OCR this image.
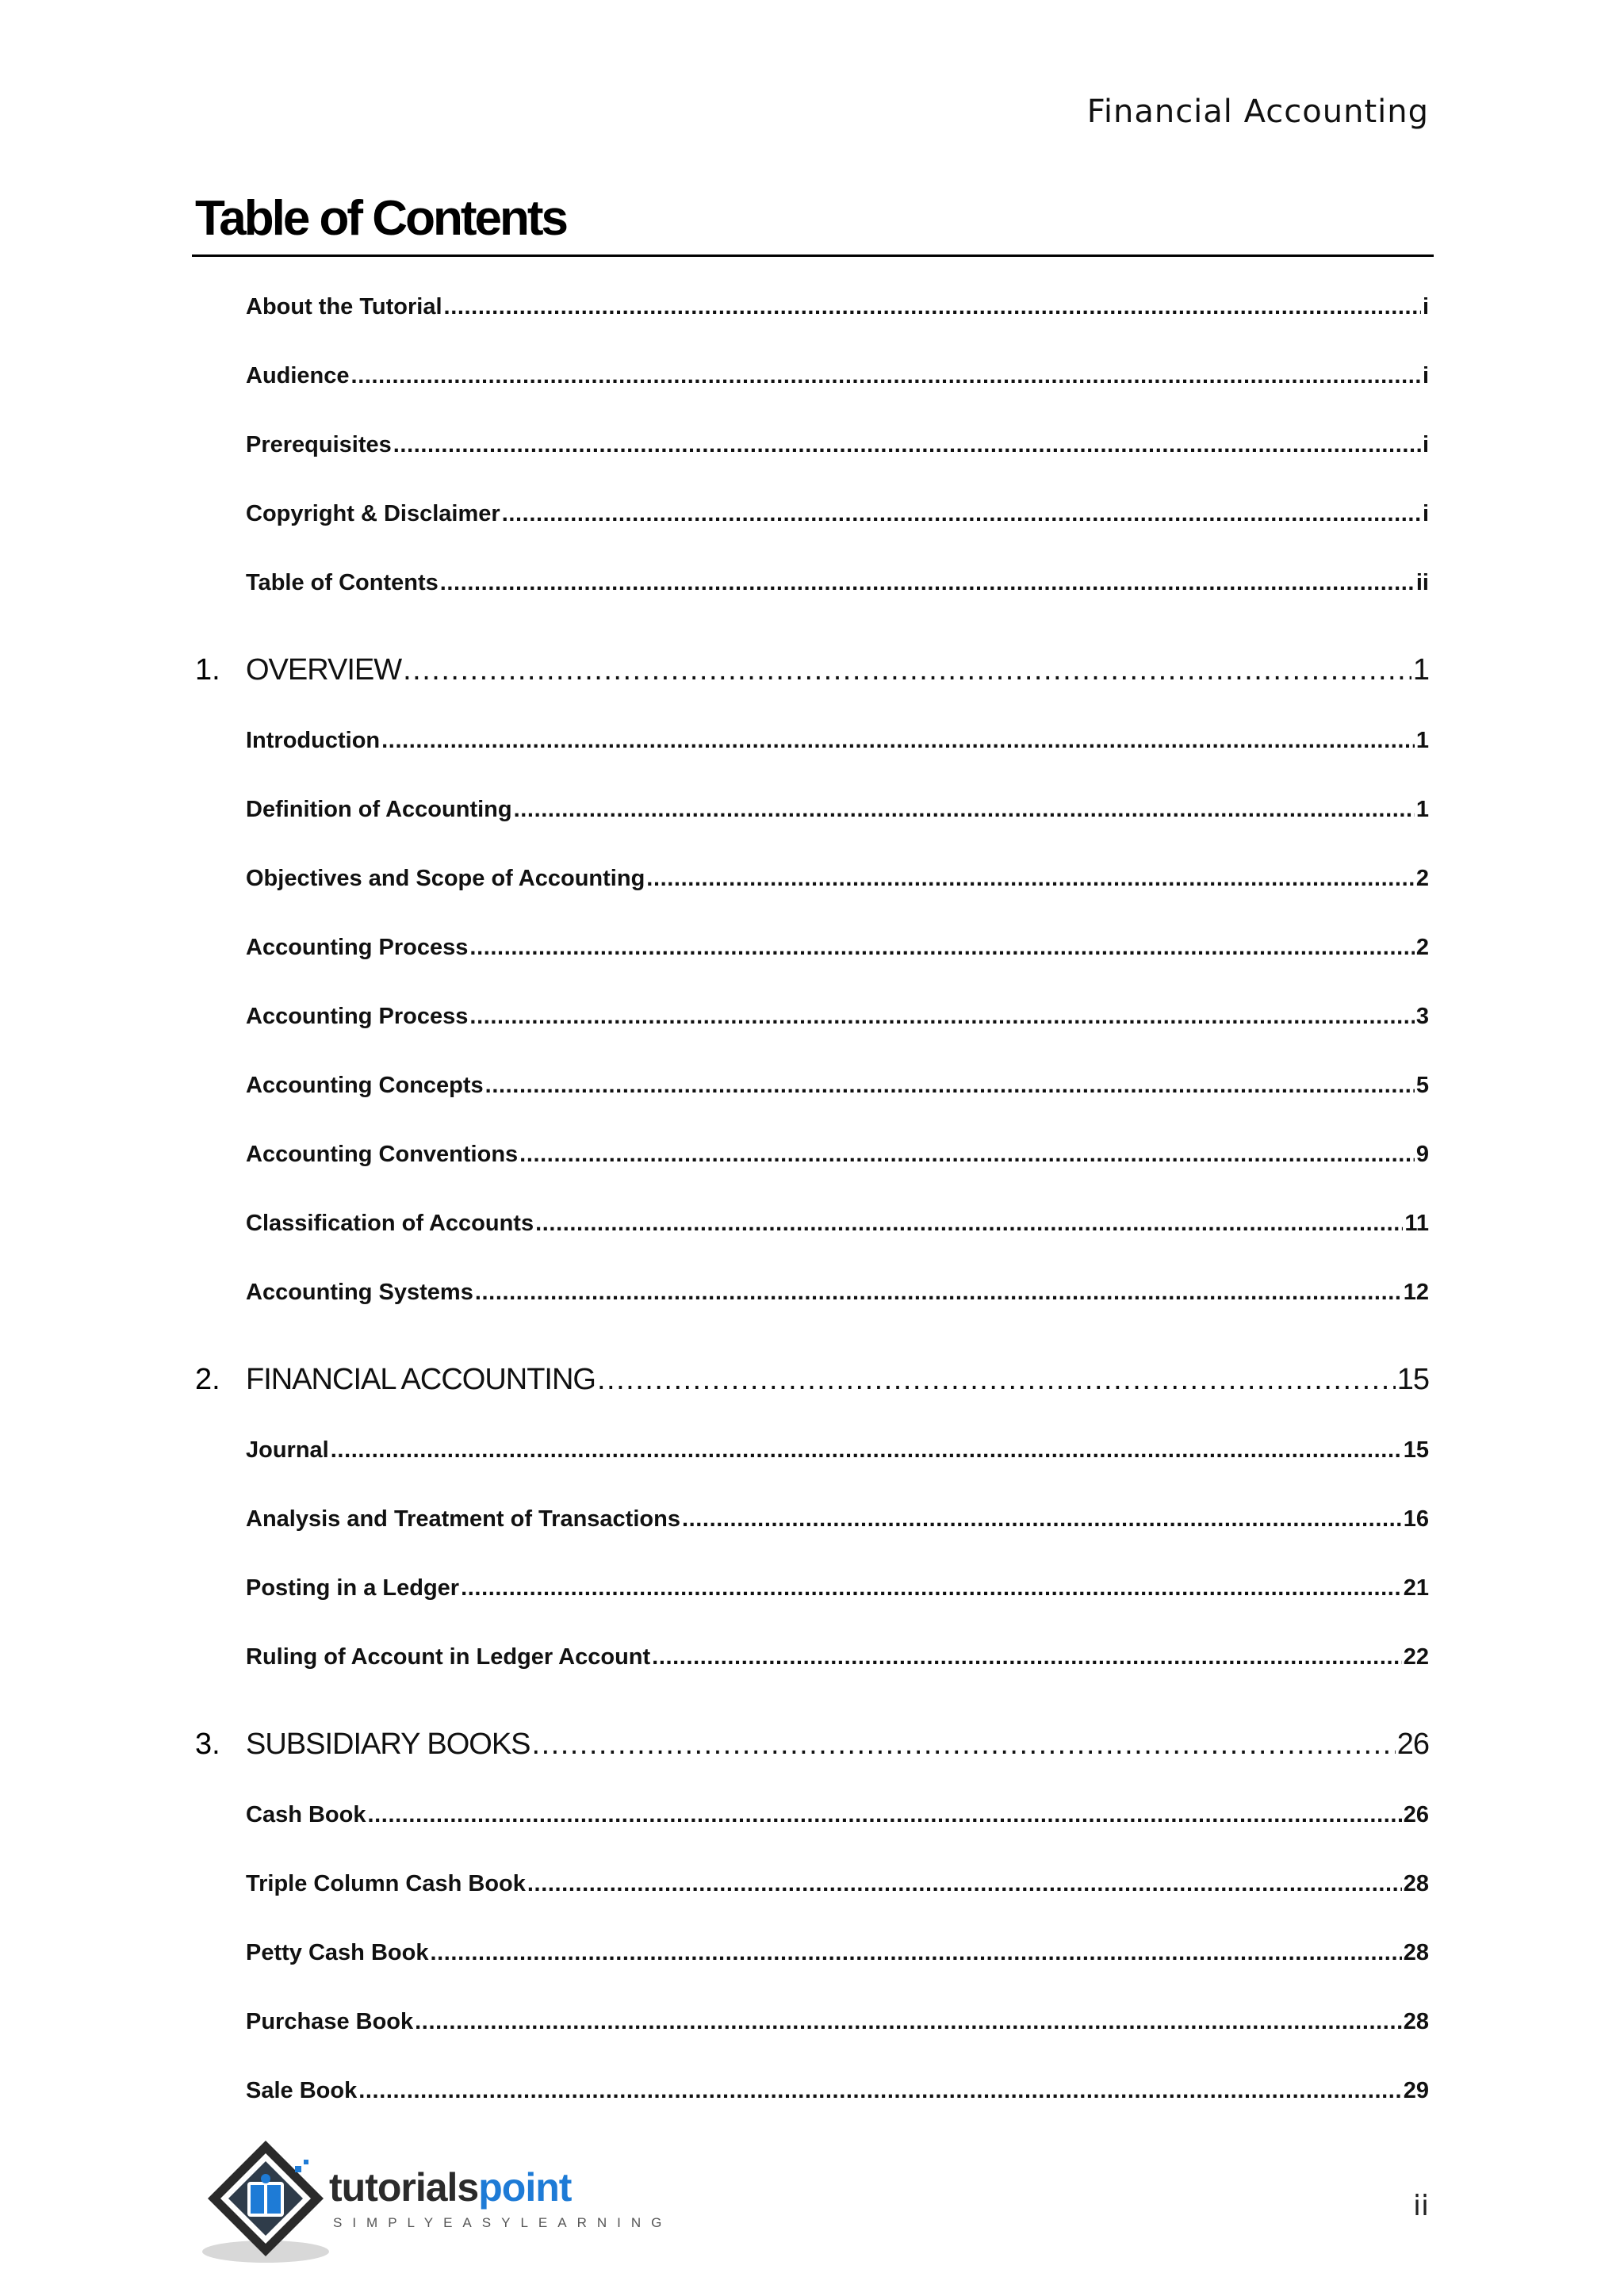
Financial Accounting
Table of Contents
About the Tutorial .....	i
Audience .....	i
Prerequisites .....	i
Copyright & Disclaimer .....	i
Table of Contents .....	ii
1. OVERVIEW .....	1
Introduction .....	1
Definition of Accounting .....	1
Objectives and Scope of Accounting .....	2
Accounting Process .....	2
Accounting Process .....	3
Accounting Concepts .....	5
Accounting Conventions .....	9
Classification of Accounts .....	11
Accounting Systems .....	12
2. FINANCIAL ACCOUNTING .....	15
Journal .....	15
Analysis and Treatment of Transactions .....	16
Posting in a Ledger .....	21
Ruling of Account in Ledger Account .....	22
3. SUBSIDIARY BOOKS .....	26
Cash Book .....	26
Triple Column Cash Book .....	28
Petty Cash Book .....	28
Purchase Book .....	28
Sale Book .....	29
tutorialspoint
SIMPLYEASYLEARNING
ii
